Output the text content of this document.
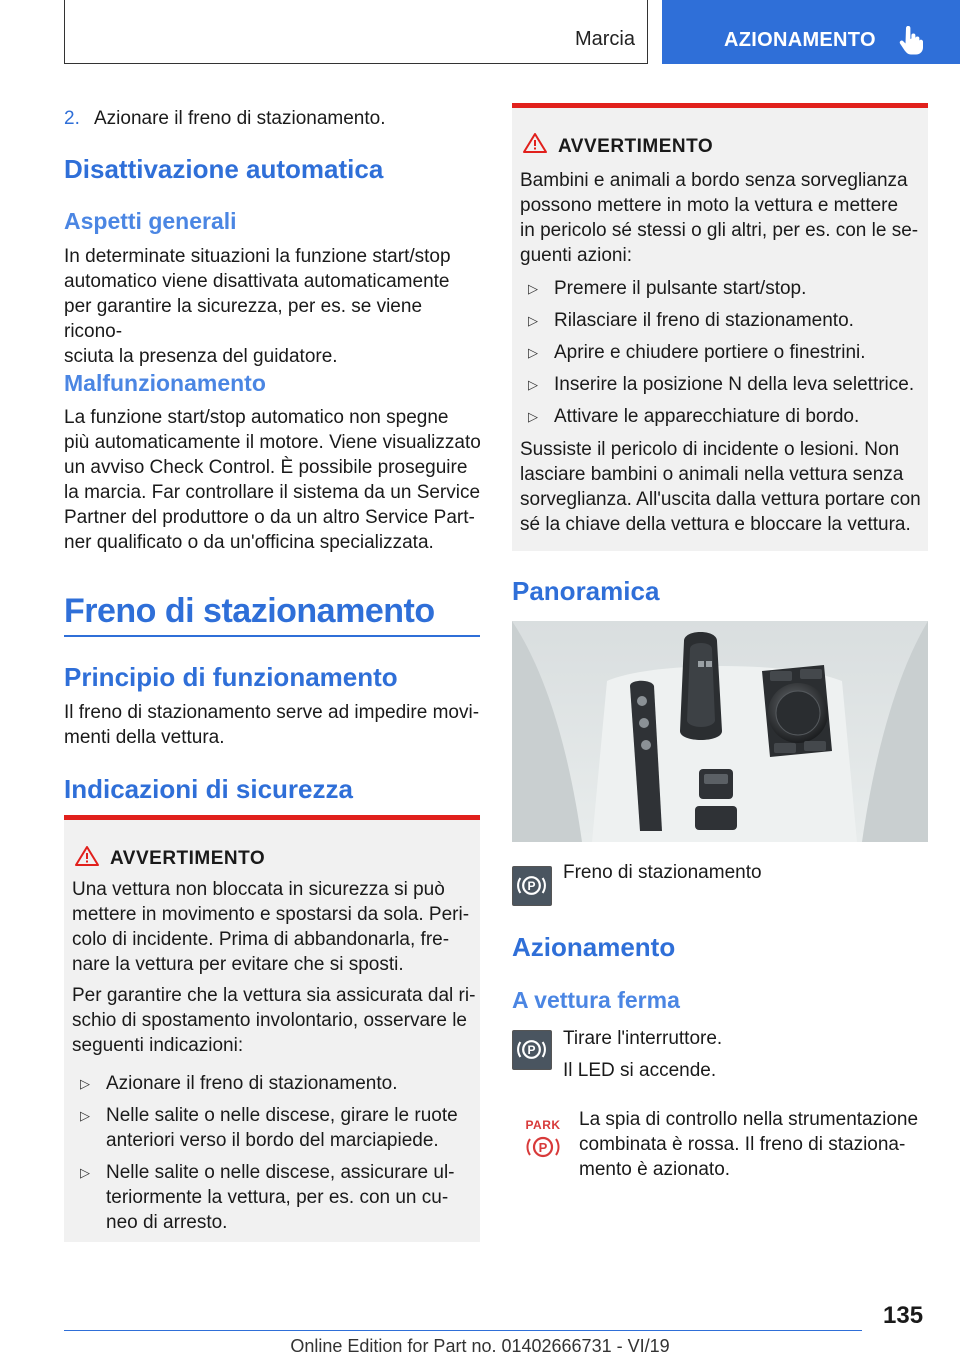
Marcia	AZIONAMENTO

2. Azionare il freno di stazionamento.

Disattivazione automatica
Aspetti generali

In determinate situazioni la funzione start/stop

automatico viene disattivata automaticamente

per garantire la sicurezza, per es. se viene ricono‐

sciuta la presenza del guidatore.

Malfunzionamento

La funzione start/stop automatico non spegne

più automaticamente il motore. Viene visualizzato

un avviso Check Control. È possibile proseguire

la marcia. Far controllare il sistema da un Service

Partner del produttore o da un altro Service Part‐

ner qualificato o da un'officina specializzata.

Freno di stazionamento
Principio di funzionamento

Il freno di stazionamento serve ad impedire movi‐

menti della vettura.

Indicazioni di sicurezza
AVVERTIMENTO

Una vettura non bloccata in sicurezza si può

mettere in movimento e spostarsi da sola. Peri‐

colo di incidente. Prima di abbandonarla, fre‐

nare la vettura per evitare che si sposti.

Per garantire che la vettura sia assicurata dal ri‐

schio di spostamento involontario, osservare le

seguenti indicazioni:

▷ Azionare il freno di stazionamento.

▷ Nelle salite o nelle discese, girare le ruote

anteriori verso il bordo del marciapiede.

▷ Nelle salite o nelle discese, assicurare ul‐

teriormente la vettura, per es. con un cu‐

neo di arresto.

AVVERTIMENTO

Bambini e animali a bordo senza sorveglianza

possono mettere in moto la vettura e mettere

in pericolo sé stessi o gli altri, per es. con le se‐

guenti azioni:

▷ Premere il pulsante start/stop.

▷ Rilasciare il freno di stazionamento.

▷ Aprire e chiudere portiere o finestrini.

▷ Inserire la posizione N della leva selettrice.

▷ Attivare le apparecchiature di bordo.

Sussiste il pericolo di incidente o lesioni. Non

lasciare bambini o animali nella vettura senza

sorveglianza. All'uscita dalla vettura portare con

sé la chiave della vettura e bloccare la vettura.

Panoramica
P

Freno di stazionamento

Azionamento
A vettura ferma
P

Tirare l'interruttore.

Il LED si accende.

PARK
P

La spia di controllo nella strumentazione

combinata è rossa. Il freno di staziona‐

mento è azionato.

135
Online Edition for Part no. 01402666731 - VI/19
